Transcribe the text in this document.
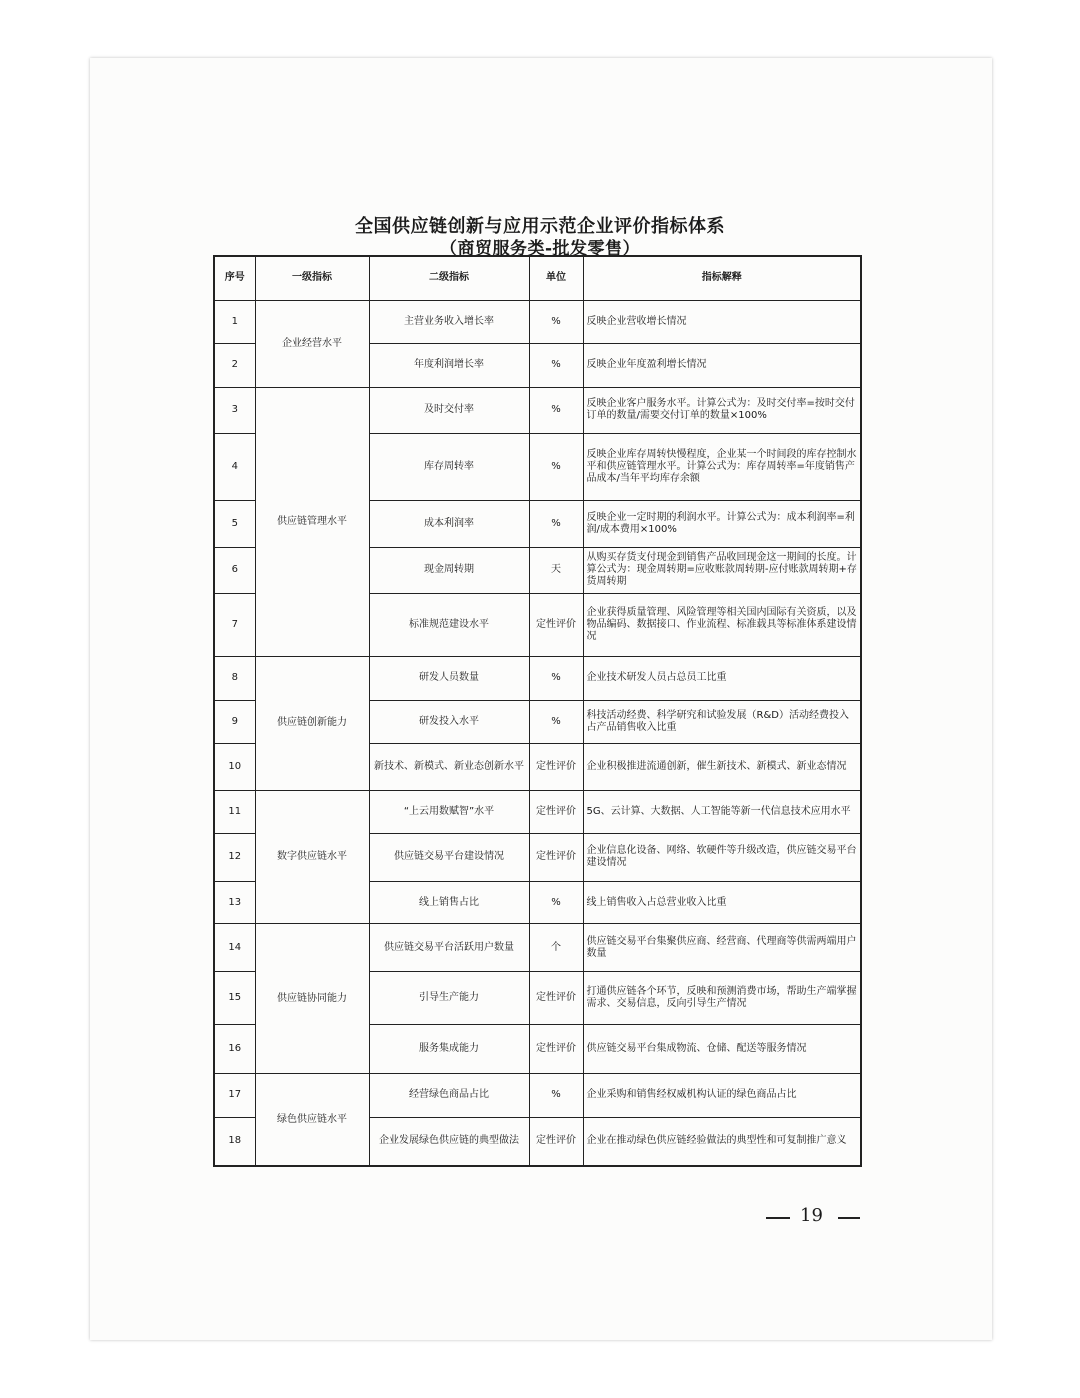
全国供应链创新与应用示范企业评价指标体系
（商贸服务类-批发零售）
序号	一级指标	二级指标	单位	指标解释
1	企业经营水平	主营业务收入增长率	%	反映企业营收增长情况
2		年度利润增长率	%	反映企业年度盈利增长情况
3	供应链管理水平	及时交付率	%	反映企业客户服务水平。计算公式为：及时交付率=按时交付订单的数量/需要交付订单的数量×100%
4		库存周转率	%	反映企业库存周转快慢程度，企业某一个时间段的库存控制水平和供应链管理水平。计算公式为：库存周转率=年度销售产品成本/当年平均库存余额
5		成本利润率	%	反映企业一定时期的利润水平。计算公式为：成本利润率=利润/成本费用×100%
6		现金周转期	天	从购买存货支付现金到销售产品收回现金这一期间的长度。计算公式为：现金周转期=应收账款周转期-应付账款周转期+存货周转期
7		标准规范建设水平	定性评价	企业获得质量管理、风险管理等相关国内国际有关资质，以及物品编码、数据接口、作业流程、标准载具等标准体系建设情况
8	供应链创新能力	研发人员数量	%	企业技术研发人员占总员工比重
9		研发投入水平	%	科技活动经费、科学研究和试验发展（R&D）活动经费投入占产品销售收入比重
10		新技术、新模式、新业态创新水平	定性评价	企业积极推进流通创新，催生新技术、新模式、新业态情况
11	数字供应链水平	“上云用数赋智”水平	定性评价	5G、云计算、大数据、人工智能等新一代信息技术应用水平
12		供应链交易平台建设情况	定性评价	企业信息化设备、网络、软硬件等升级改造，供应链交易平台建设情况
13		线上销售占比	%	线上销售收入占总营业收入比重
14	供应链协同能力	供应链交易平台活跃用户数量	个	供应链交易平台集聚供应商、经营商、代理商等供需两端用户数量
15		引导生产能力	定性评价	打通供应链各个环节，反映和预测消费市场，帮助生产端掌握需求、交易信息，反向引导生产情况
16		服务集成能力	定性评价	供应链交易平台集成物流、仓储、配送等服务情况
17	绿色供应链水平	经营绿色商品占比	%	企业采购和销售经权威机构认证的绿色商品占比
18		企业发展绿色供应链的典型做法	定性评价	企业在推动绿色供应链经验做法的典型性和可复制推广意义
19
